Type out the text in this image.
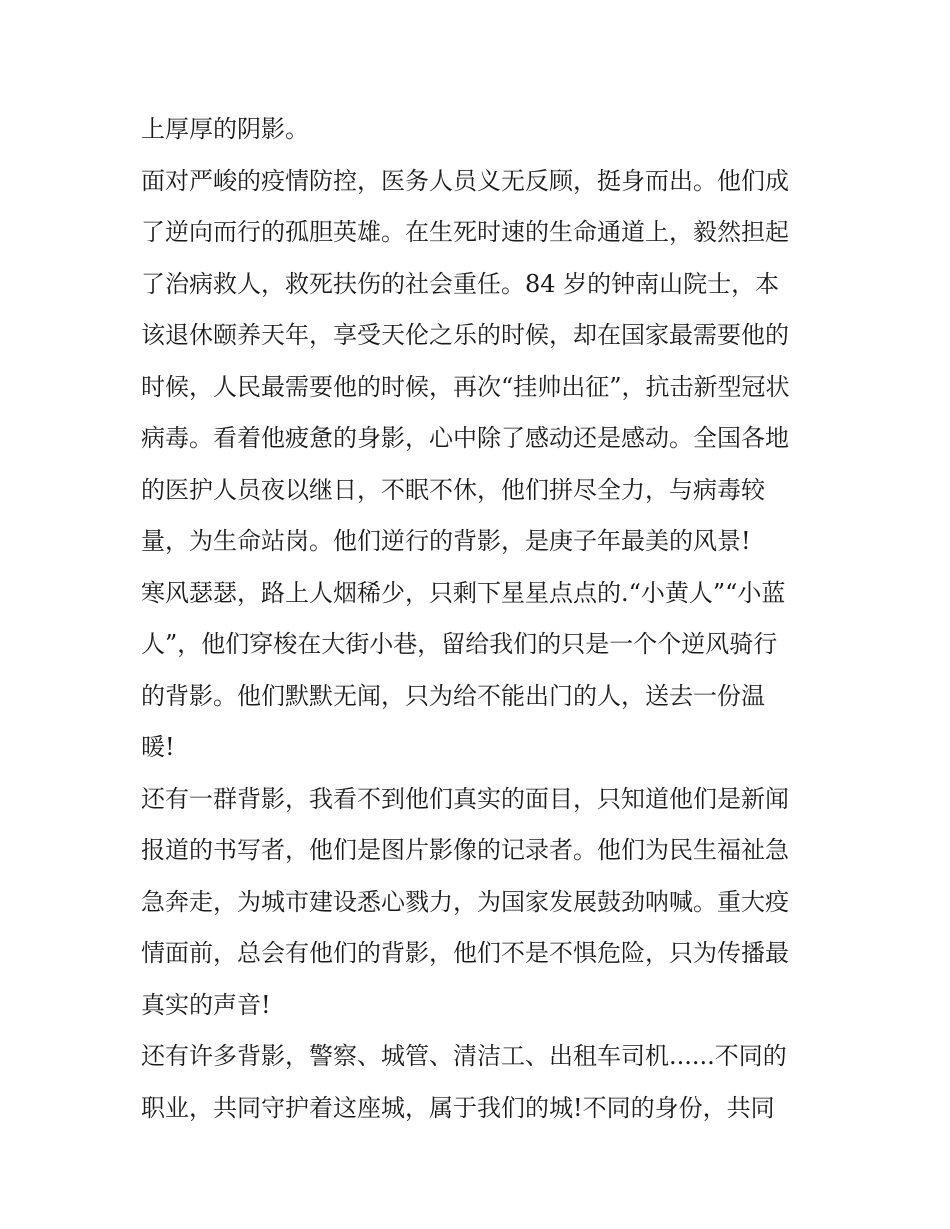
上厚厚的阴影。
面对严峻的疫情防控，医务人员义无反顾，挺身而出。他们成
了逆向而行的孤胆英雄。在生死时速的生命通道上，毅然担起
了治病救人，救死扶伤的社会重任。84 岁的钟南山院士，本
该退休颐养天年，享受天伦之乐的时候，却在国家最需要他的
时候，人民最需要他的时候，再次“挂帅出征”，抗击新型冠状
病毒。看着他疲惫的身影，心中除了感动还是感动。全国各地
的医护人员夜以继日，不眠不休，他们拼尽全力，与病毒较
量，为生命站岗。他们逆行的背影，是庚子年最美的风景!
寒风瑟瑟，路上人烟稀少，只剩下星星点点的.“小黄人”“小蓝
人”，他们穿梭在大街小巷，留给我们的只是一个个逆风骑行
的背影。他们默默无闻，只为给不能出门的人，送去一份温
暖!
还有一群背影，我看不到他们真实的面目，只知道他们是新闻
报道的书写者，他们是图片影像的记录者。他们为民生福祉急
急奔走，为城市建设悉心戮力，为国家发展鼓劲呐喊。重大疫
情面前，总会有他们的背影，他们不是不惧危险，只为传播最
真实的声音!
还有许多背影，警察、城管、清洁工、出租车司机......不同的
职业，共同守护着这座城，属于我们的城!不同的身份，共同
